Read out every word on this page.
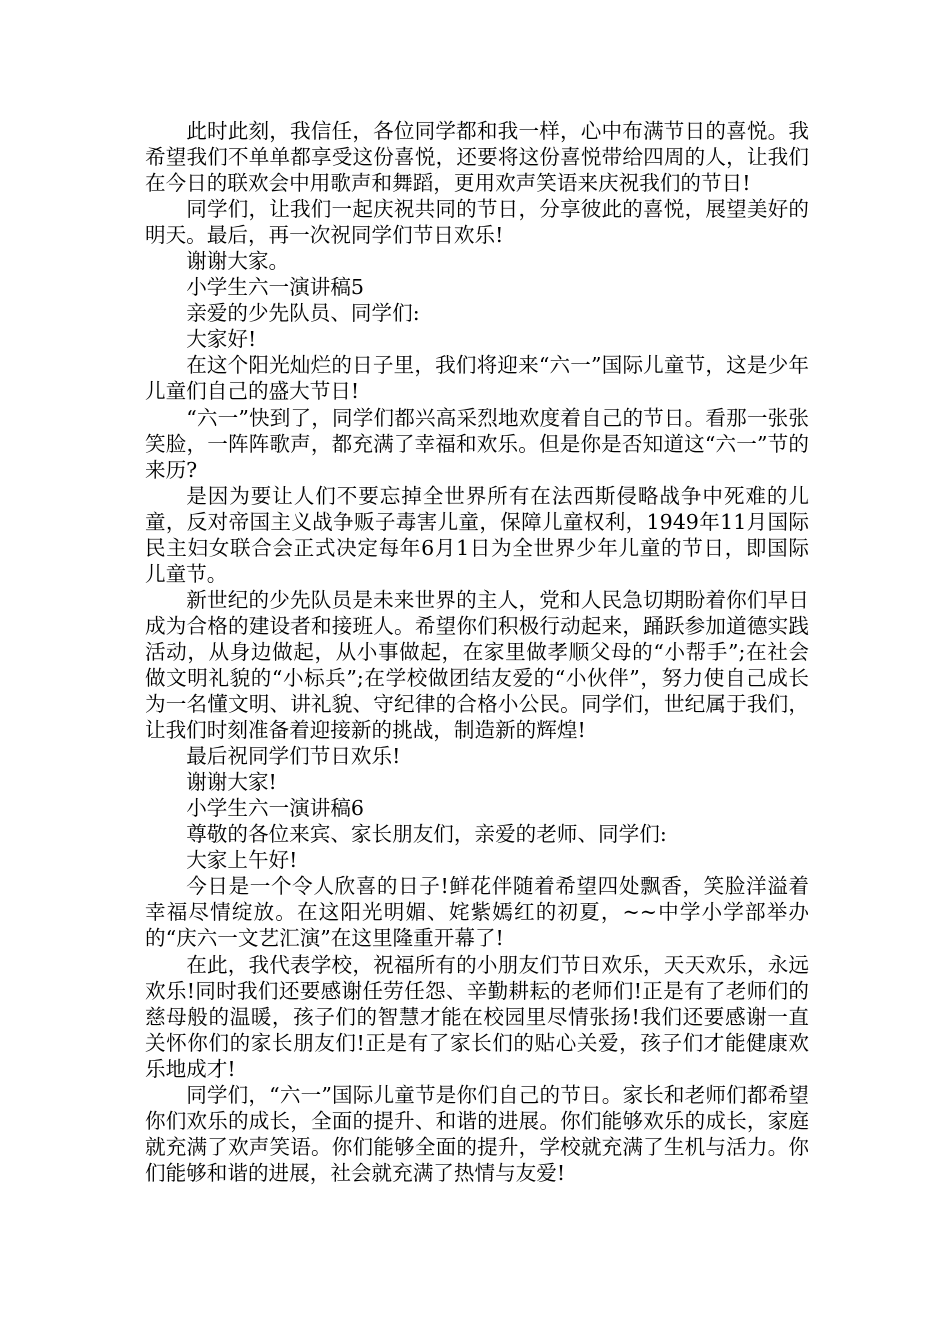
此时此刻，我信任，各位同学都和我一样，心中布满节日的喜悦。我希望我们不单单都享受这份喜悦，还要将这份喜悦带给四周的人，让我们在今日的联欢会中用歌声和舞蹈，更用欢声笑语来庆祝我们的节日!

同学们，让我们一起庆祝共同的节日，分享彼此的喜悦，展望美好的明天。最后，再一次祝同学们节日欢乐!

谢谢大家。

小学生六一演讲稿5

亲爱的少先队员、同学们:

大家好!

在这个阳光灿烂的日子里，我们将迎来“六一”国际儿童节，这是少年儿童们自己的盛大节日!

“六一”快到了，同学们都兴高采烈地欢度着自己的节日。看那一张张笑脸，一阵阵歌声，都充满了幸福和欢乐。但是你是否知道这“六一”节的来历?

是因为要让人们不要忘掉全世界所有在法西斯侵略战争中死难的儿童，反对帝国主义战争贩子毒害儿童，保障儿童权利，1949年11月国际民主妇女联合会正式决定每年6月1日为全世界少年儿童的节日，即国际儿童节。

新世纪的少先队员是未来世界的主人，党和人民急切期盼着你们早日成为合格的建设者和接班人。希望你们积极行动起来，踊跃参加道德实践活动，从身边做起，从小事做起，在家里做孝顺父母的“小帮手”;在社会做文明礼貌的“小标兵”;在学校做团结友爱的“小伙伴”，努力使自己成长为一名懂文明、讲礼貌、守纪律的合格小公民。同学们，世纪属于我们，让我们时刻准备着迎接新的挑战，制造新的辉煌!

最后祝同学们节日欢乐!

谢谢大家!

小学生六一演讲稿6

尊敬的各位来宾、家长朋友们，亲爱的老师、同学们:

大家上午好!

今日是一个令人欣喜的日子!鲜花伴随着希望四处飘香，笑脸洋溢着幸福尽情绽放。在这阳光明媚、姹紫嫣红的初夏，~~中学小学部举办的“庆六一文艺汇演”在这里隆重开幕了!

在此，我代表学校，祝福所有的小朋友们节日欢乐，天天欢乐，永远欢乐!同时我们还要感谢任劳任怨、辛勤耕耘的老师们!正是有了老师们的慈母般的温暖，孩子们的智慧才能在校园里尽情张扬!我们还要感谢一直关怀你们的家长朋友们!正是有了家长们的贴心关爱，孩子们才能健康欢乐地成才!

同学们，“六一”国际儿童节是你们自己的节日。家长和老师们都希望你们欢乐的成长，全面的提升、和谐的进展。你们能够欢乐的成长，家庭就充满了欢声笑语。你们能够全面的提升，学校就充满了生机与活力。你们能够和谐的进展，社会就充满了热情与友爱!
